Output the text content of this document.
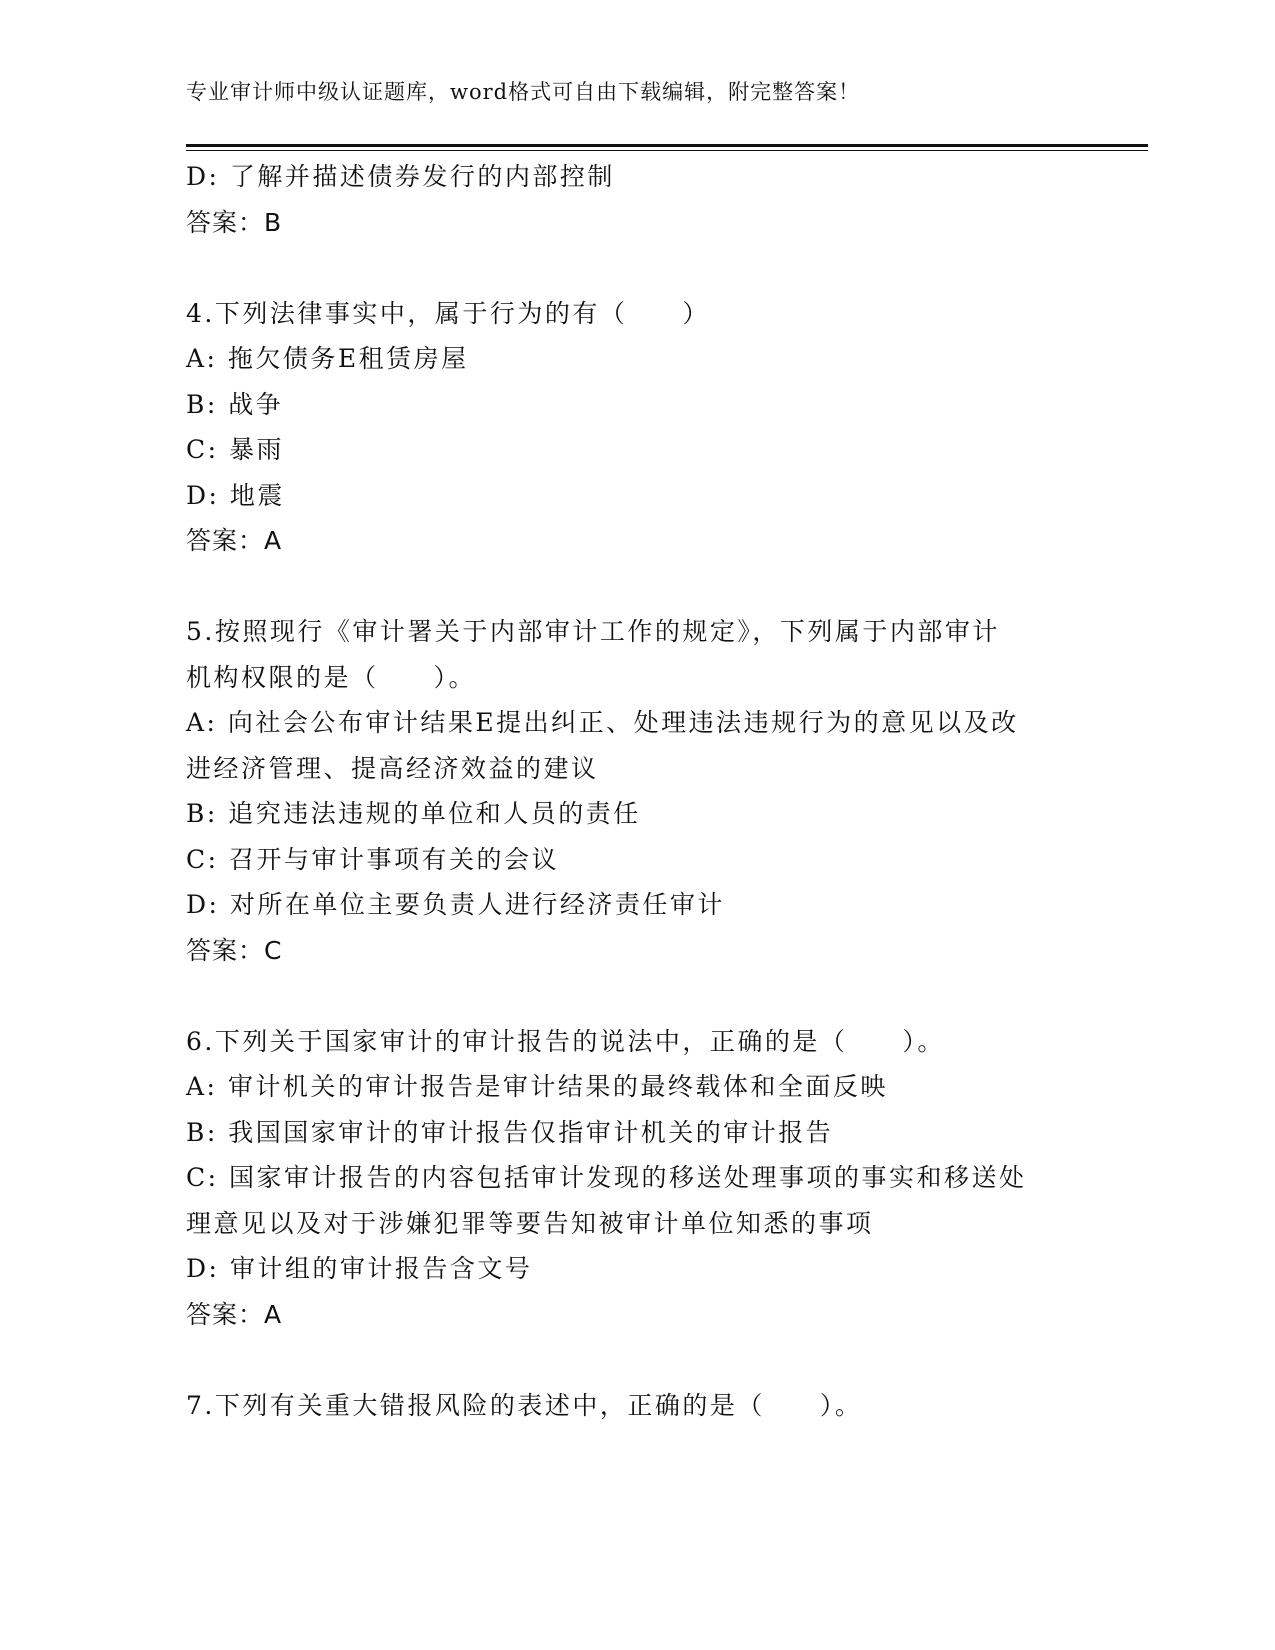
专业审计师中级认证题库，word格式可自由下载编辑，附完整答案！
D: 了解并描述债券发行的内部控制
答案：B
4.下列法律事实中，属于行为的有（　　）
A: 拖欠债务E租赁房屋
B: 战争
C: 暴雨
D: 地震
答案：A
5.按照现行《审计署关于内部审计工作的规定》，下列属于内部审计
机构权限的是（　　）。
A: 向社会公布审计结果E提出纠正、处理违法违规行为的意见以及改
进经济管理、提高经济效益的建议
B: 追究违法违规的单位和人员的责任
C: 召开与审计事项有关的会议
D: 对所在单位主要负责人进行经济责任审计
答案：C
6.下列关于国家审计的审计报告的说法中，正确的是（　　）。
A: 审计机关的审计报告是审计结果的最终载体和全面反映
B: 我国国家审计的审计报告仅指审计机关的审计报告
C: 国家审计报告的内容包括审计发现的移送处理事项的事实和移送处
理意见以及对于涉嫌犯罪等要告知被审计单位知悉的事项
D: 审计组的审计报告含文号
答案：A
7.下列有关重大错报风险的表述中，正确的是（　　）。
